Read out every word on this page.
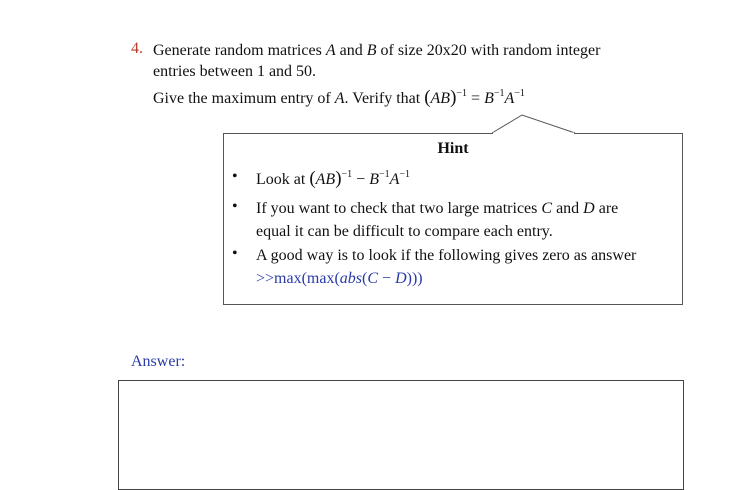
4. Generate random matrices A and B of size 20x20 with random integer
entries between 1 and 50.
Give the maximum entry of A. Verify that $(AB)^{-1} = B^{-1}A^{-1}$
Hint
• Look at $(AB)^{-1} - B^{-1}A^{-1}$
• If you want to check that two large matrices C and D are
equal it can be difficult to compare each entry.
• A good way is to look if the following gives zero as answer
>>max(max(abs(C − D)))
Answer:
